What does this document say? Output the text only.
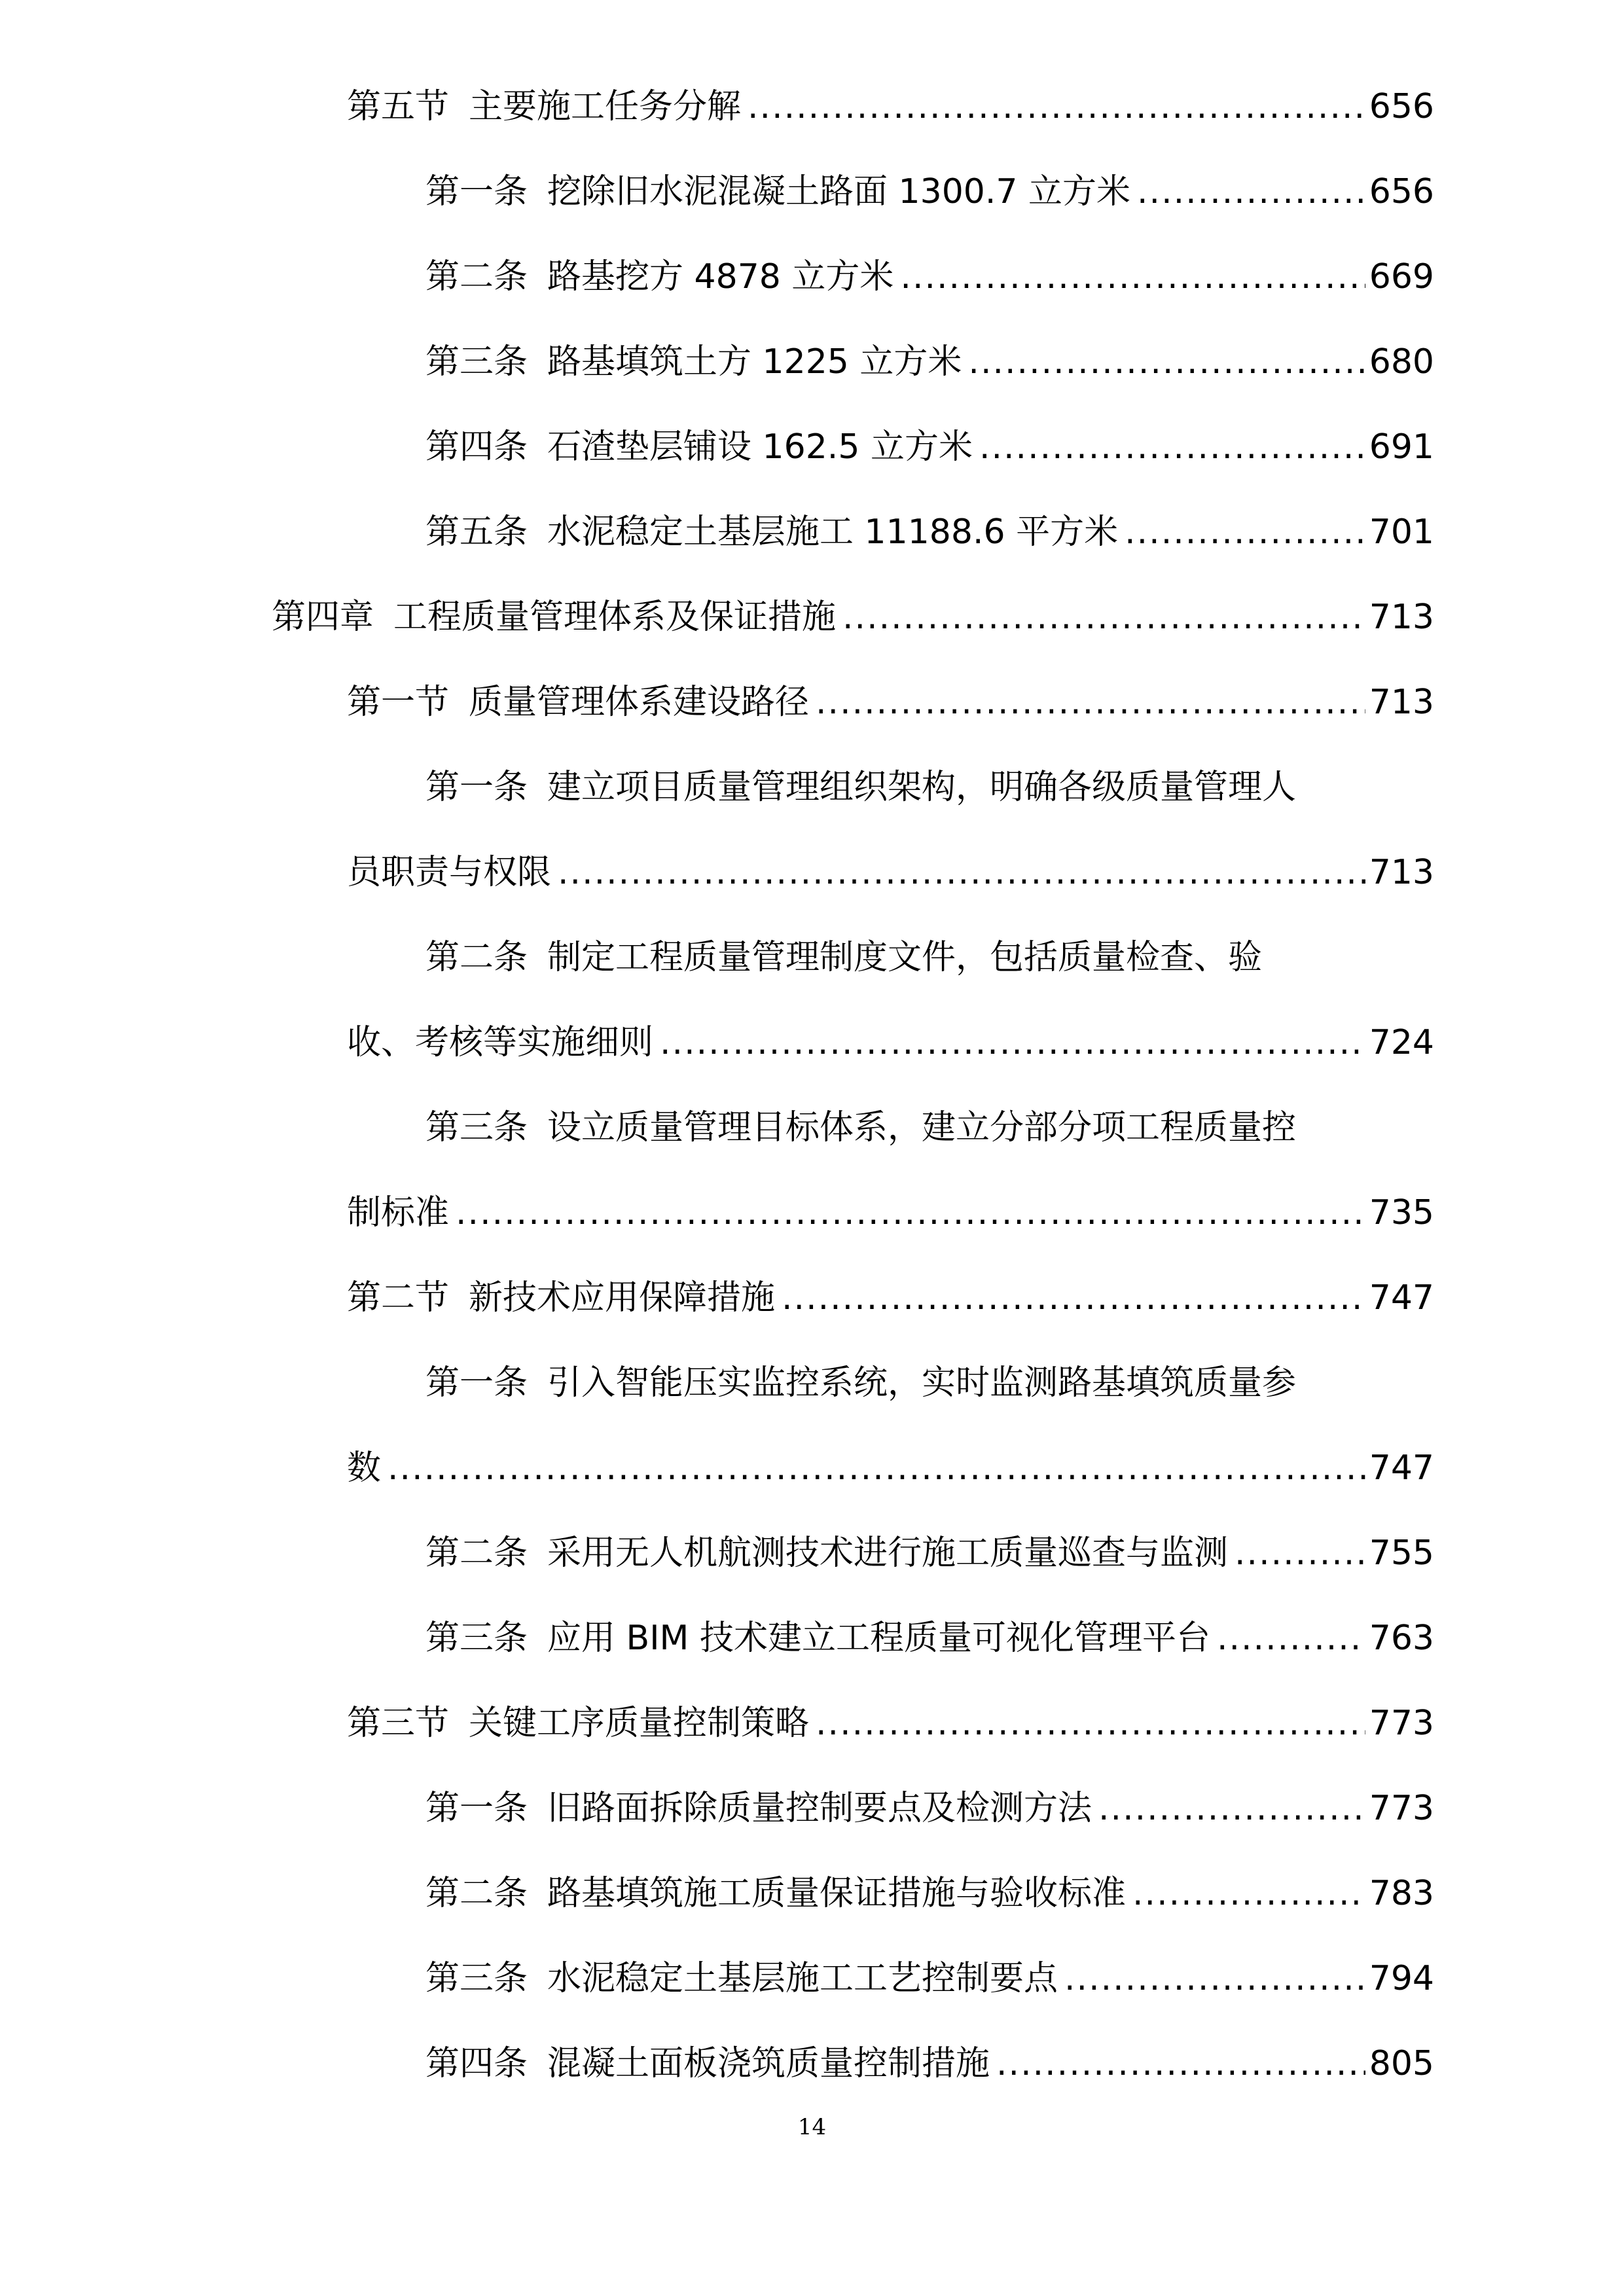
第五节 主要施工任务分解 .....	656
第一条 挖除旧水泥混凝土路面 1300.7 立方米 .....	656
第二条 路基挖方 4878 立方米 .....	669
第三条 路基填筑土方 1225 立方米 .....	680
第四条 石渣垫层铺设 162.5 立方米 .....	691
第五条 水泥稳定土基层施工 11188.6 平方米 .....	701
第四章 工程质量管理体系及保证措施 .....	713
第一节 质量管理体系建设路径 .....	713
第一条 建立项目质量管理组织架构，明确各级质量管理人
员职责与权限 .....	713
第二条 制定工程质量管理制度文件，包括质量检查、验
收、考核等实施细则 .....	724
第三条 设立质量管理目标体系，建立分部分项工程质量控
制标准 .....	735
第二节 新技术应用保障措施 .....	747
第一条 引入智能压实监控系统，实时监测路基填筑质量参
数 .....	747
第二条 采用无人机航测技术进行施工质量巡查与监测 .....	755
第三条 应用 BIM 技术建立工程质量可视化管理平台 .....	763
第三节 关键工序质量控制策略 .....	773
第一条 旧路面拆除质量控制要点及检测方法 .....	773
第二条 路基填筑施工质量保证措施与验收标准 .....	783
第三条 水泥稳定土基层施工工艺控制要点 .....	794
第四条 混凝土面板浇筑质量控制措施 .....	805
14
